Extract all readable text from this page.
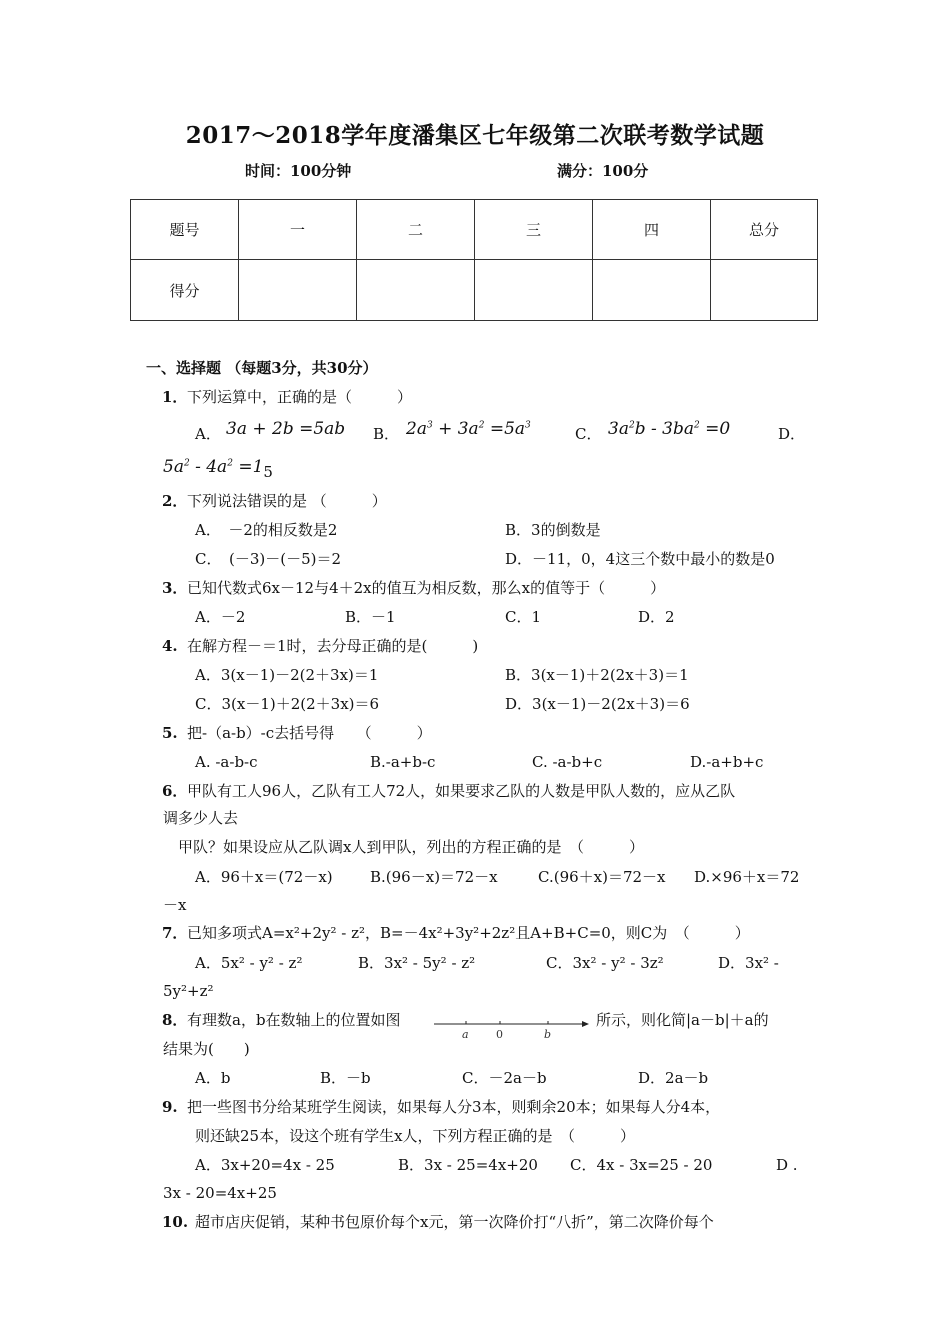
2017～2018学年度潘集区七年级第二次联考数学试题
时间：100分钟	满分：100分
题号	一	二	三	四	总分
得分					
一、选择题 （每题3分，共30分）
1． 下列运算中，正确的是（　　　）
A． 3a + 2b =5ab B． $2a^3 + 3a^2 =5a^3$	C． $3a^2b - 3ba^2 =0$	D．
$5a^2 - 4a^2 =15$
2． 下列说法错误的是 （　　　）
A．　－2的相反数是2	B．3的倒数是
C．　(－3)－(－5)＝2	D．－11，0，4这三个数中最小的数是0
3． 已知代数式6x－12与4＋2x的值互为相反数，那么x的值等于（　　　）
A．－2	B．－1	C．1	D．2
4. 在解方程－＝1时，去分母正确的是(　　　)
A．3(x－1)－2(2＋3x)＝1	B．3(x－1)＋2(2x＋3)＝1
C．3(x－1)＋2(2＋3x)＝6	D．3(x－1)－2(2x＋3)＝6
5. 把-（a-b）-c去括号得　　（　　　）
A. -a-b-c	B.-a+b-c	C. -a-b+c	D.-a+b+c
6． 甲队有工人96人，乙队有工人72人，如果要求乙队的人数是甲队人数的，应从乙队
调多少人去
甲队？如果设应从乙队调x人到甲队，列出的方程正确的是　（　　　）
A．96＋x＝(72－x) B.(96－x)＝72－x	C.(96＋x)＝72－x D.×96＋x＝72
－x
7． 已知多项式A=x²+2y² - z²，B=－4x²+3y²+2z²且A+B+C=0，则C为　（　　　）
A．5x² - y² - z²	B．3x² - 5y² - z²	C．3x² - y² - 3z²	D．3x² -
5y²+z²
8． 有理数a，b在数轴上的位置如图
a 0	b
所示，则化简|a－b|＋a的
结果为(　　)
A．b	B．－b	C．－2a－b	D．2a－b
9. 把一些图书分给某班学生阅读，如果每人分3本，则剩余20本；如果每人分4本，
则还缺25本，设这个班有学生x人，下列方程正确的是　（　　　）
A．3x+20=4x - 25	B．3x - 25=4x+20 C．4x - 3x=25 - 20	D .
3x - 20=4x+25
10. 超市店庆促销，某种书包原价每个x元，第一次降价打“八折”，第二次降价每个
